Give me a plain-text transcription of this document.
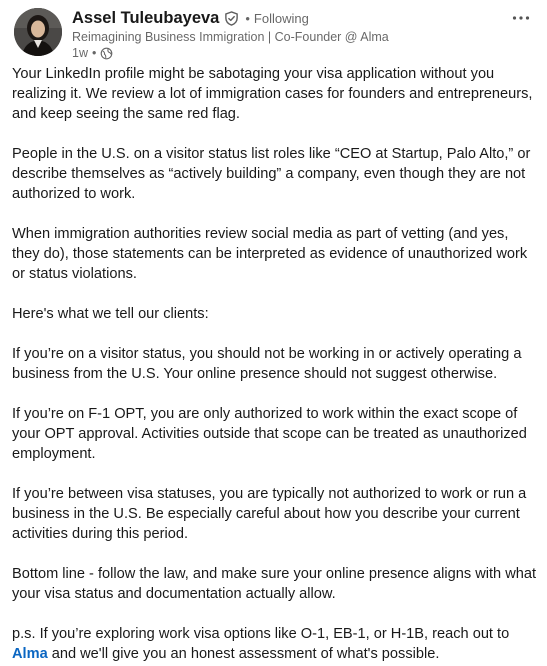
Assel Tuleubayeva • Following
Reimagining Business Immigration | Co-Founder @ Alma
1w •

Your LinkedIn profile might be sabotaging your visa application without you realizing it. We review a lot of immigration cases for founders and entrepreneurs, and keep seeing the same red flag.

People in the U.S. on a visitor status list roles like “CEO at Startup, Palo Alto,” or describe themselves as “actively building” a company, even though they are not authorized to work.

When immigration authorities review social media as part of vetting (and yes, they do), those statements can be interpreted as evidence of unauthorized work or status violations.

Here's what we tell our clients:

If you’re on a visitor status, you should not be working in or actively operating a business from the U.S. Your online presence should not suggest otherwise.

If you’re on F-1 OPT, you are only authorized to work within the exact scope of your OPT approval. Activities outside that scope can be treated as unauthorized employment.

If you’re between visa statuses, you are typically not authorized to work or run a business in the U.S. Be especially careful about how you describe your current activities during this period.

Bottom line - follow the law, and make sure your online presence aligns with what your visa status and documentation actually allow.

p.s. If you’re exploring work visa options like O-1, EB-1, or H-1B, reach out to Alma and we'll give you an honest assessment of what's possible.
